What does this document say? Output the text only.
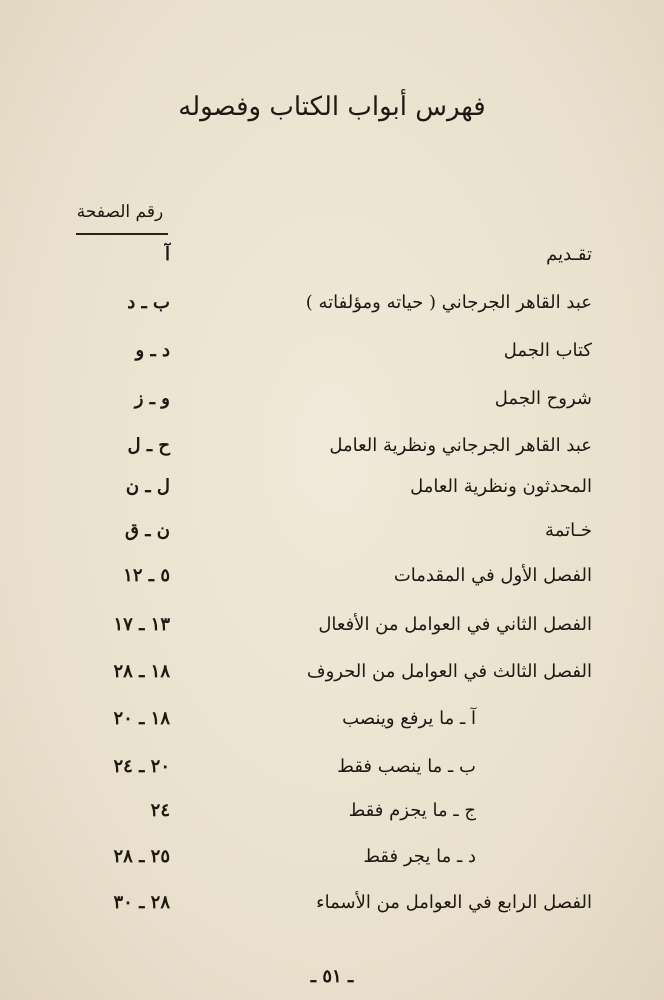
فهرس أبواب الكتاب وفصوله
رقم الصفحة
تقـديم
آ
عبد القاهر الجرجاني ( حياته ومؤلفاته )
ب ـ د
كتاب الجمل
د ـ و
شروح الجمل
و ـ ز
عبد القاهر الجرجاني ونظرية العامل
ح ـ ل
المحدثون ونظرية العامل
ل ـ ن
خـاتمة
ن ـ ق
الفصل الأول في المقدمات
٥ ـ ١٢
الفصل الثاني في العوامل من الأفعال
١٣ ـ ١٧
الفصل الثالث في العوامل من الحروف
١٨ ـ ٢٨
آ ـ ما يرفع وينصب
١٨ ـ ٢٠
ب ـ ما ينصب فقط
٢٠ ـ ٢٤
ج ـ ما يجزم فقط
٢٤
د ـ ما يجر فقط
٢٥ ـ ٢٨
الفصل الرابع في العوامل من الأسماء
٢٨ ـ ٣٠
ـ ٥١ ـ
